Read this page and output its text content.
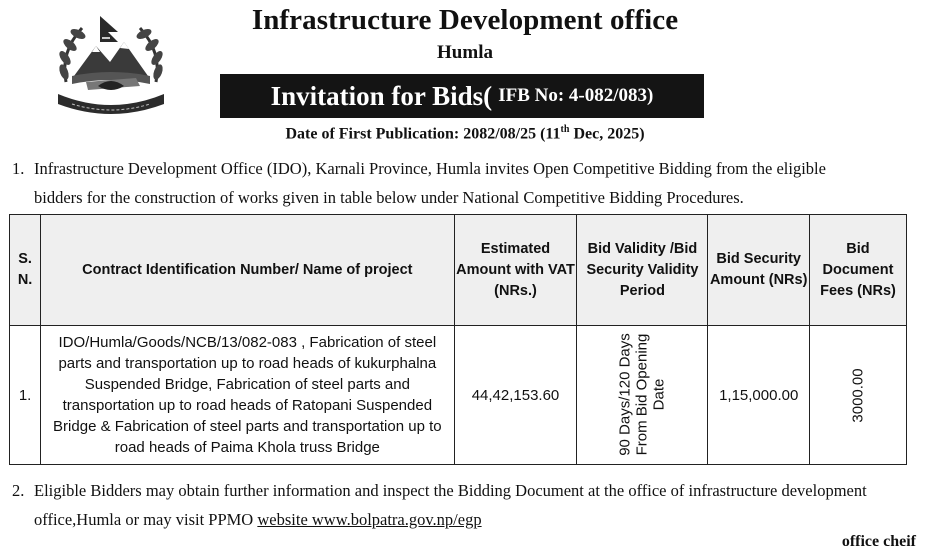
Infrastructure Development office
Humla
Invitation for Bids( IFB No: 4-082/083)
Date of First Publication: 2082/08/25 (11th Dec, 2025)
1. Infrastructure Development Office (IDO), Karnali Province, Humla invites Open Competitive Bidding from the eligible
bidders for the construction of works given in table below under National Competitive Bidding Procedures.
S. N.	Contract Identification Number/ Name of project	Estimated Amount with VAT (NRs.)	Bid Validity /Bid Security Validity Period	Bid Security Amount (NRs)	Bid Document Fees (NRs)
1.	IDO/Humla/Goods/NCB/13/082-083 , Fabrication of steel parts and transportation up to road heads of kukurphalna Suspended Bridge, Fabrication of steel parts and transportation up to road heads of Ratopani Suspended Bridge & Fabrication of steel parts and transportation up to road heads of Paima Khola truss Bridge	44,42,153.60	90 Days/120 Days From Bid Opening Date	1,15,000.00	3000.00
2. Eligible Bidders may obtain further information and inspect the Bidding Document at the office of infrastructure development
office,Humla or may visit PPMO website www.bolpatra.gov.np/egp
office cheif
